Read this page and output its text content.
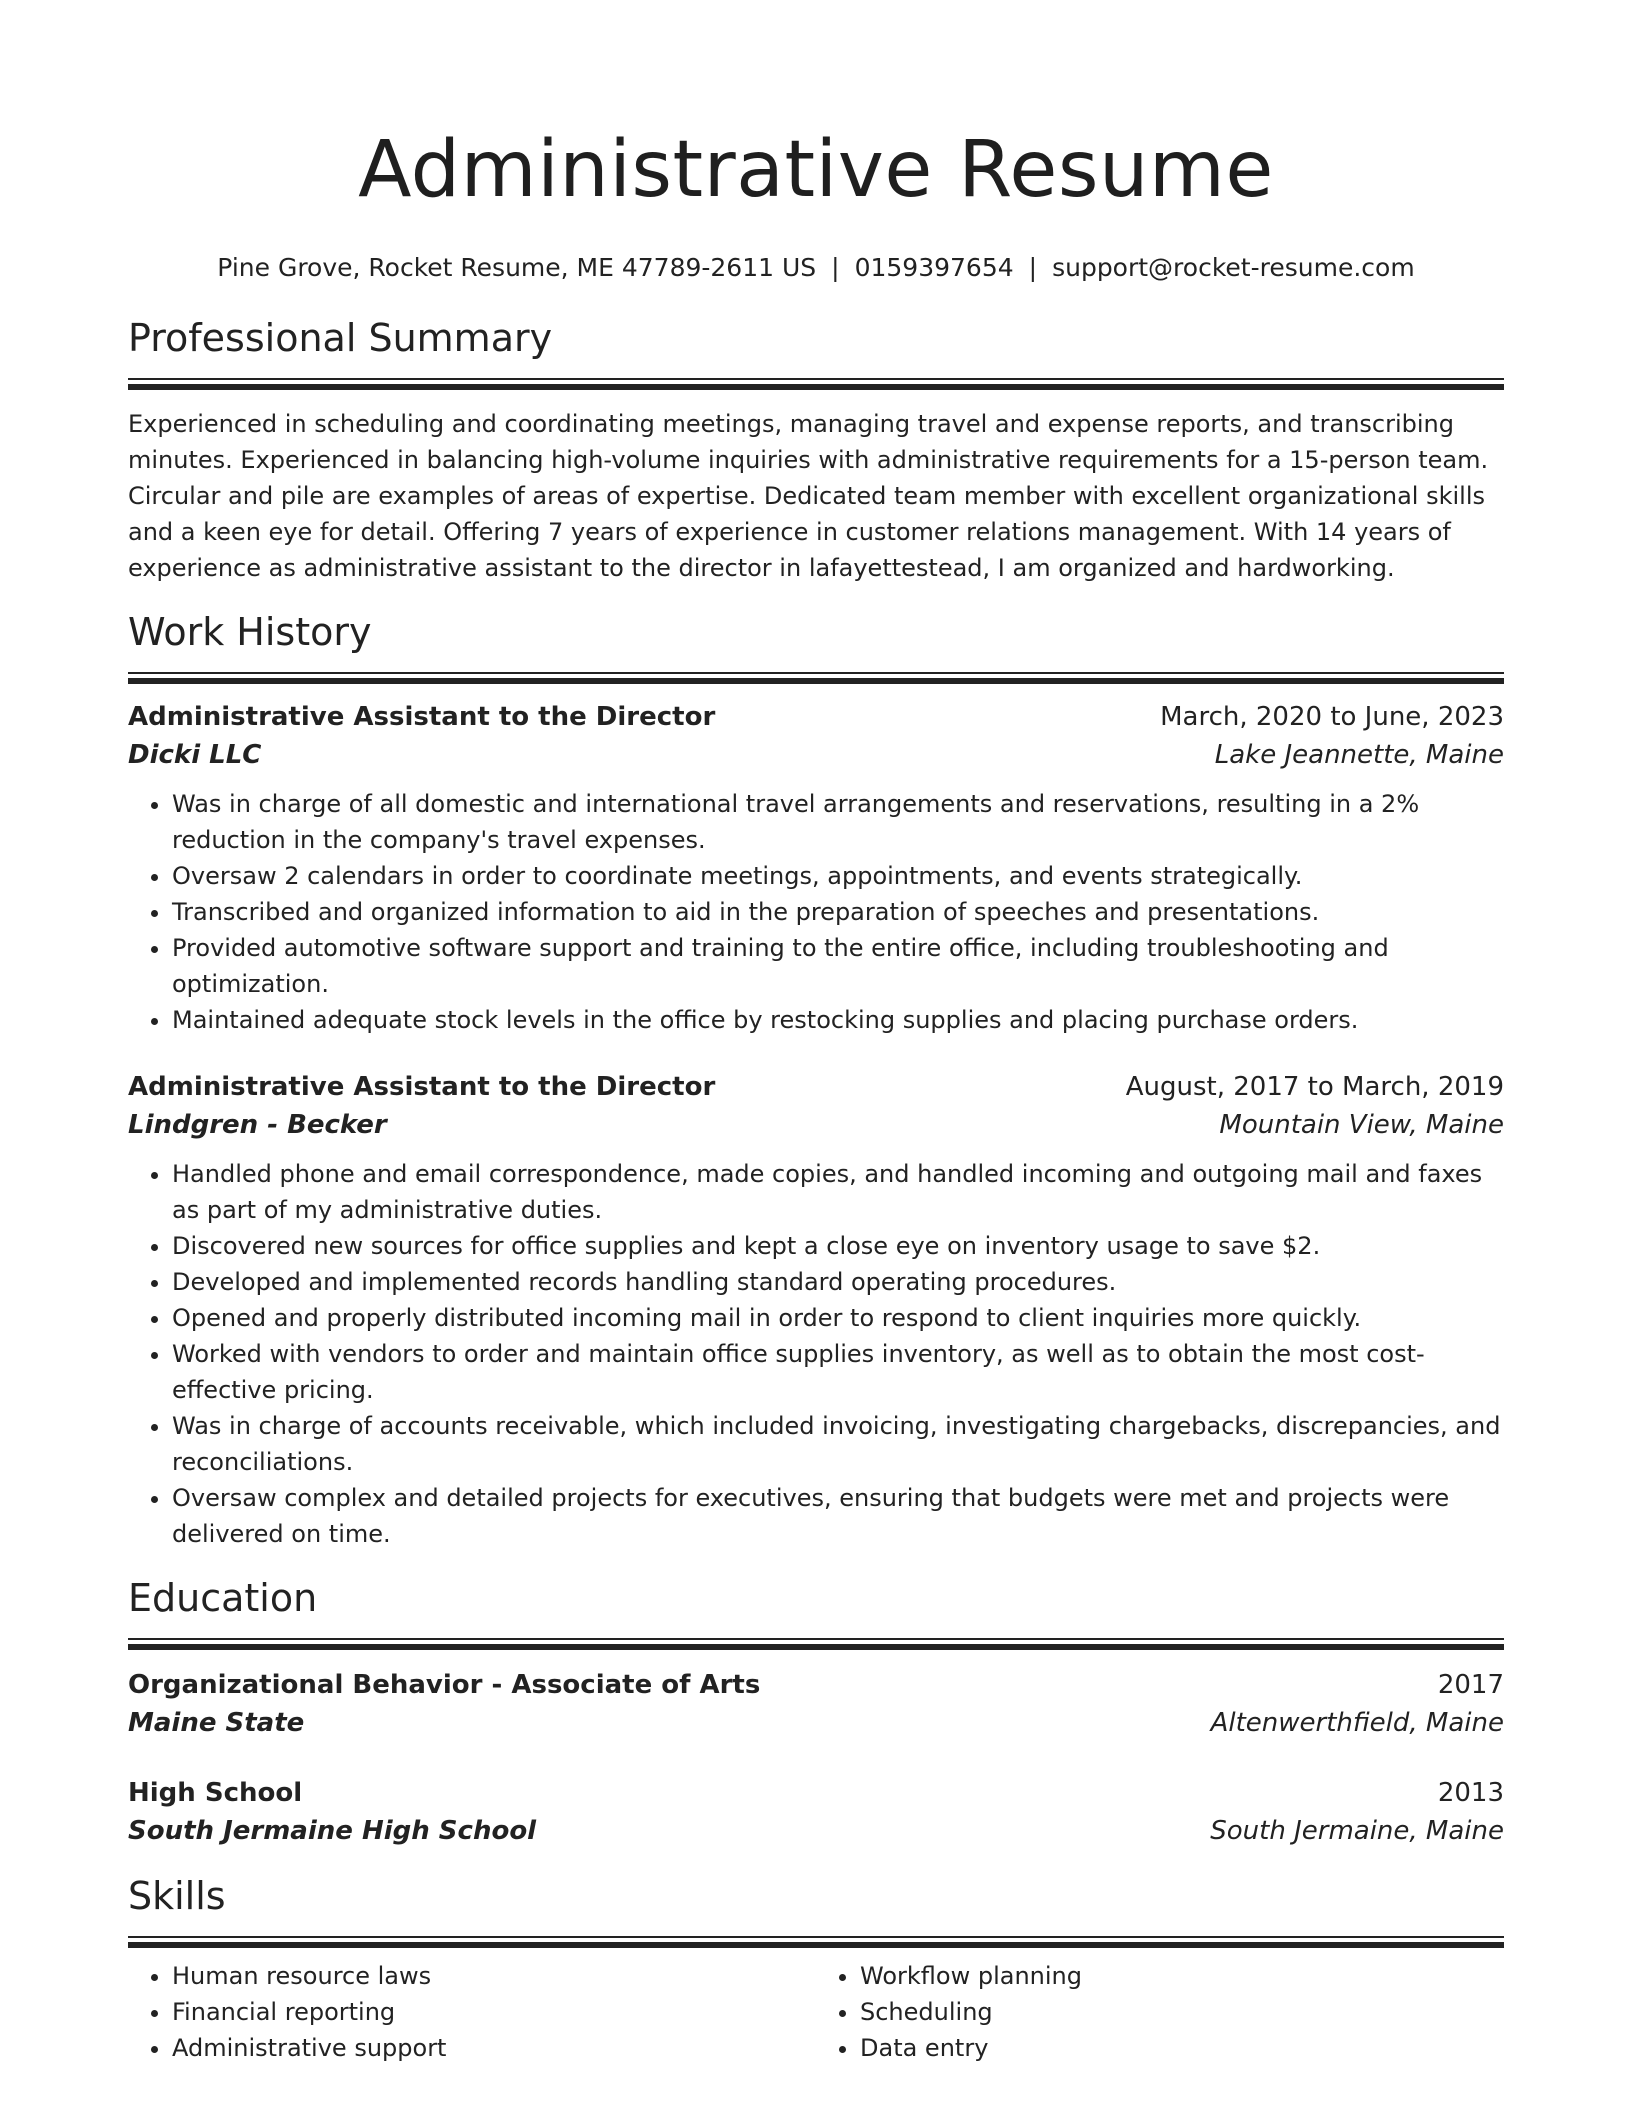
Administrative Resume
Pine Grove, Rocket Resume, ME 47789-2611 US | 0159397654 | support@rocket-resume.com
Professional Summary

Experienced in scheduling and coordinating meetings, managing travel and expense reports, and transcribing minutes. Experienced in balancing high-volume inquiries with administrative requirements for a 15-person team. Circular and pile are examples of areas of expertise. Dedicated team member with excellent organizational skills and a keen eye for detail. Offering 7 years of experience in customer relations management. With 14 years of experience as administrative assistant to the director in lafayettestead, I am organized and hardworking.

Work History
Administrative Assistant to the Director	March, 2020 to June, 2023
Dicki LLC	Lake Jeannette, Maine
• Was in charge of all domestic and international travel arrangements and reservations, resulting in a 2% reduction in the company's travel expenses.
• Oversaw 2 calendars in order to coordinate meetings, appointments, and events strategically.
• Transcribed and organized information to aid in the preparation of speeches and presentations.
• Provided automotive software support and training to the entire office, including troubleshooting and optimization.
• Maintained adequate stock levels in the office by restocking supplies and placing purchase orders.
Administrative Assistant to the Director	August, 2017 to March, 2019
Lindgren - Becker	Mountain View, Maine
• Handled phone and email correspondence, made copies, and handled incoming and outgoing mail and faxes as part of my administrative duties.
• Discovered new sources for office supplies and kept a close eye on inventory usage to save $2.
• Developed and implemented records handling standard operating procedures.
• Opened and properly distributed incoming mail in order to respond to client inquiries more quickly.
• Worked with vendors to order and maintain office supplies inventory, as well as to obtain the most cost-effective pricing.
• Was in charge of accounts receivable, which included invoicing, investigating chargebacks, discrepancies, and reconciliations.
• Oversaw complex and detailed projects for executives, ensuring that budgets were met and projects were delivered on time.
Education
Organizational Behavior - Associate of Arts	2017
Maine State	Altenwerthfield, Maine
High School	2013
South Jermaine High School	South Jermaine, Maine
Skills
• Human resource laws
• Financial reporting
• Administrative support
• Workflow planning
• Scheduling
• Data entry
